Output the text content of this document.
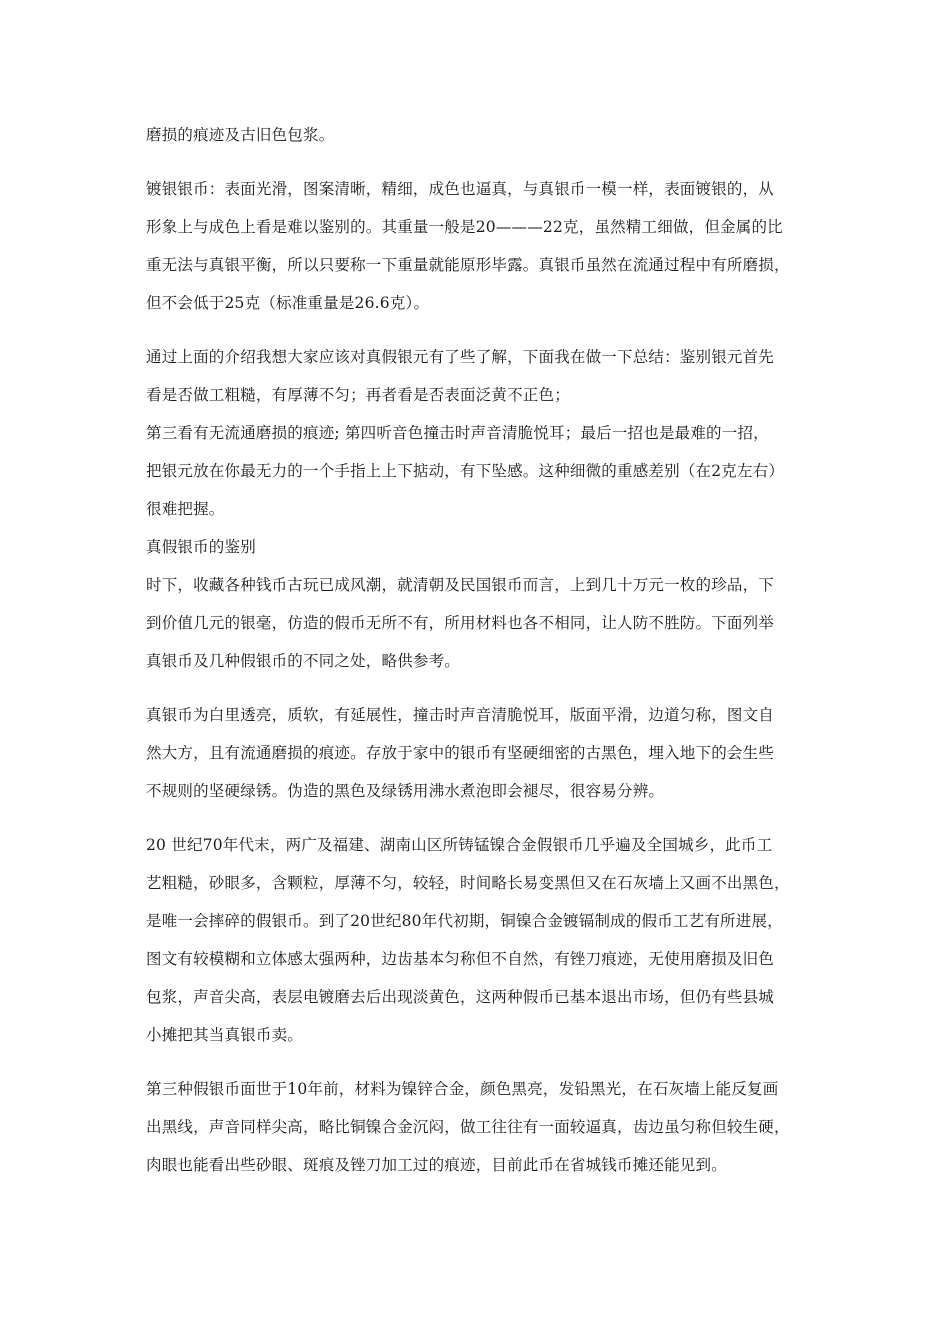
磨损的痕迹及古旧色包浆。
镀银银币：表面光滑，图案清晰，精细，成色也逼真，与真银币一模一样，表面镀银的，从
形象上与成色上看是难以鉴别的。其重量一般是20———22克，虽然精工细做，但金属的比
重无法与真银平衡，所以只要称一下重量就能原形毕露。真银币虽然在流通过程中有所磨损，
但不会低于25克（标准重量是26.6克）。
通过上面的介绍我想大家应该对真假银元有了些了解，下面我在做一下总结：鉴别银元首先
看是否做工粗糙，有厚薄不匀；再者看是否表面泛黄不正色；
第三看有无流通磨损的痕迹; 第四听音色撞击时声音清脆悦耳；最后一招也是最难的一招，
把银元放在你最无力的一个手指上上下掂动，有下坠感。这种细微的重感差别（在2克左右）
很难把握。
真假银币的鉴别
时下，收藏各种钱币古玩已成风潮，就清朝及民国银币而言，上到几十万元一枚的珍品，下
到价值几元的银毫，仿造的假币无所不有，所用材料也各不相同，让人防不胜防。下面列举
真银币及几种假银币的不同之处，略供参考。
真银币为白里透亮，质软，有延展性，撞击时声音清脆悦耳，版面平滑，边道匀称，图文自
然大方，且有流通磨损的痕迹。存放于家中的银币有坚硬细密的古黑色，埋入地下的会生些
不规则的坚硬绿锈。伪造的黑色及绿锈用沸水煮泡即会褪尽，很容易分辨。
20 世纪70年代末，两广及福建、湖南山区所铸锰镍合金假银币几乎遍及全国城乡，此币工
艺粗糙，砂眼多，含颗粒，厚薄不匀，较轻，时间略长易变黑但又在石灰墙上又画不出黑色，
是唯一会摔碎的假银币。到了20世纪80年代初期，铜镍合金镀镉制成的假币工艺有所进展，
图文有较模糊和立体感太强两种，边齿基本匀称但不自然，有锉刀痕迹，无使用磨损及旧色
包浆，声音尖高，表层电镀磨去后出现淡黄色，这两种假币已基本退出市场，但仍有些县城
小摊把其当真银币卖。
第三种假银币面世于10年前，材料为镍锌合金，颜色黑亮，发铅黑光，在石灰墙上能反复画
出黑线，声音同样尖高，略比铜镍合金沉闷，做工往往有一面较逼真，齿边虽匀称但较生硬，
肉眼也能看出些砂眼、斑痕及锉刀加工过的痕迹，目前此币在省城钱币摊还能见到。
